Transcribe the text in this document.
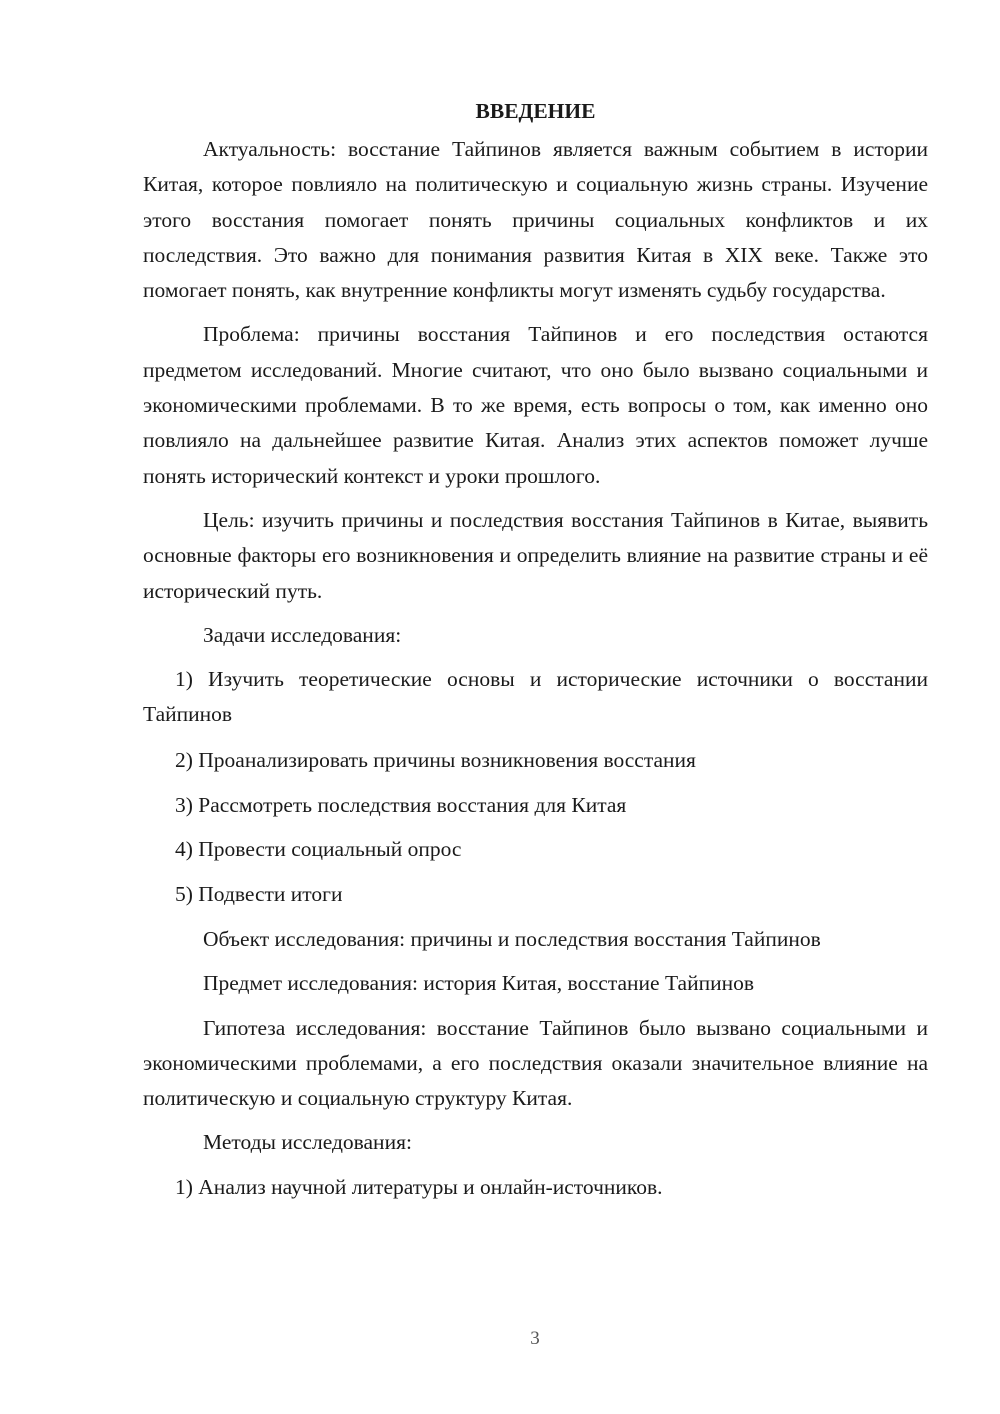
ВВЕДЕНИЕ

Актуальность: восстание Тайпинов является важным событием в истории Китая, которое повлияло на политическую и социальную жизнь страны. Изучение этого восстания помогает понять причины социальных конфликтов и их последствия. Это важно для понимания развития Китая в XIX веке. Также это помогает понять, как внутренние конфликты могут изменять судьбу государства.

Проблема: причины восстания Тайпинов и его последствия остаются предметом исследований. Многие считают, что оно было вызвано социальными и экономическими проблемами. В то же время, есть вопросы о том, как именно оно повлияло на дальнейшее развитие Китая. Анализ этих аспектов поможет лучше понять исторический контекст и уроки прошлого.

Цель: изучить причины и последствия восстания Тайпинов в Китае, выявить основные факторы его возникновения и определить влияние на развитие страны и её исторический путь.

Задачи исследования:

1) Изучить теоретические основы и исторические источники о восстании Тайпинов

2) Проанализировать причины возникновения восстания

3) Рассмотреть последствия восстания для Китая

4) Провести социальный опрос

5) Подвести итоги

Объект исследования: причины и последствия восстания Тайпинов

Предмет исследования: история Китая, восстание Тайпинов

Гипотеза исследования: восстание Тайпинов было вызвано социальными и экономическими проблемами, а его последствия оказали значительное влияние на политическую и социальную структуру Китая.

Методы исследования:

1) Анализ научной литературы и онлайн-источников.

3
